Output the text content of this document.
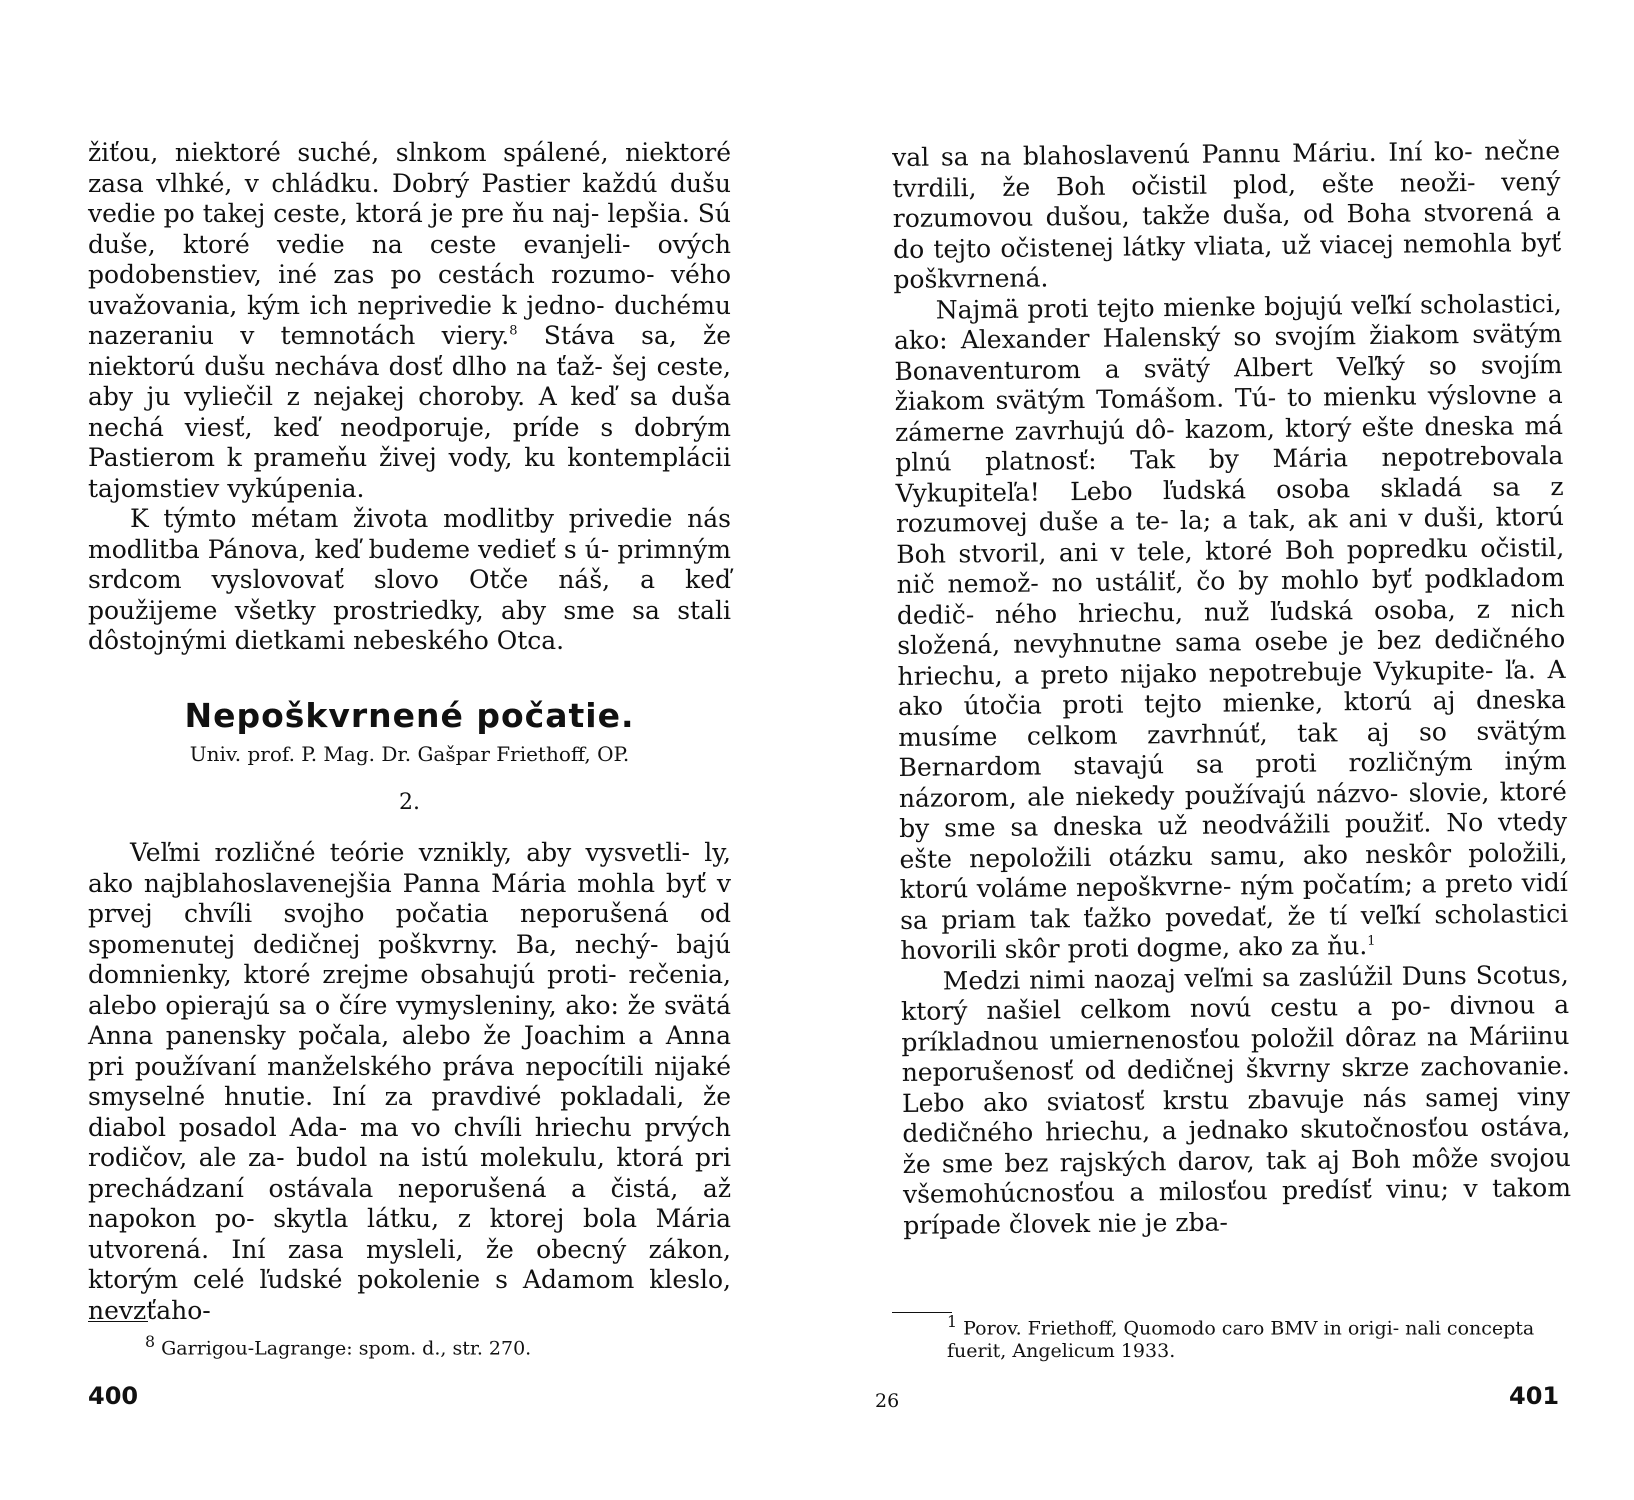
žiťou, niektoré suché, slnkom spálené, niektoré zasa vlhké, v chládku. Dobrý Pastier každú dušu vedie po takej ceste, ktorá je pre ňu naj- lepšia. Sú duše, ktoré vedie na ceste evanjeli- ových podobenstiev, iné zas po cestách rozumo- vého uvažovania, kým ich neprivedie k jedno- duchému nazeraniu v temnotách viery.$^8$ Stáva sa, že niektorú dušu necháva dosť dlho na ťaž- šej ceste, aby ju vyliečil z nejakej choroby. A keď sa duša nechá viesť, keď neodporuje, príde s dobrým Pastierom k prameňu živej vody, ku kontemplácii tajomstiev vykúpenia.

K týmto métam života modlitby privedie nás modlitba Pánova, keď budeme vedieť s ú- primným srdcom vyslovovať slovo Otče náš, a keď použijeme všetky prostriedky, aby sme sa stali dôstojnými dietkami nebeského Otca.

Nepoškvrnené počatie.
Univ. prof. P. Mag. Dr. Gašpar Friethoff, OP.
2.

Veľmi rozličné teórie vznikly, aby vysvetli- ly, ako najblahoslavenejšia Panna Mária mohla byť v prvej chvíli svojho počatia neporušená od spomenutej dedičnej poškvrny. Ba, nechý- bajú domnienky, ktoré zrejme obsahujú proti- rečenia, alebo opierajú sa o číre vymysleniny, ako: že svätá Anna panensky počala, alebo že Joachim a Anna pri používaní manželského práva nepocítili nijaké smyselné hnutie. Iní za pravdivé pokladali, že diabol posadol Ada- ma vo chvíli hriechu prvých rodičov, ale za- budol na istú molekulu, ktorá pri prechádzaní ostávala neporušená a čistá, až napokon po- skytla látku, z ktorej bola Mária utvorená. Iní zasa mysleli, že obecný zákon, ktorým celé ľudské pokolenie s Adamom kleslo, nevzťaho-

$^8$ Garrigou-Lagrange: spom. d., str. 270.
400

val sa na blahoslavenú Pannu Máriu. Iní ko- nečne tvrdili, že Boh očistil plod, ešte neoži- vený rozumovou dušou, takže duša, od Boha stvorená a do tejto očistenej látky vliata, už viacej nemohla byť poškvrnená.

Najmä proti tejto mienke bojujú veľkí scholastici, ako: Alexander Halenský so svojím žiakom svätým Bonaventurom a svätý Albert Veľký so svojím žiakom svätým Tomášom. Tú- to mienku výslovne a zámerne zavrhujú dô- kazom, ktorý ešte dneska má plnú platnosť: Tak by Mária nepotrebovala Vykupiteľa! Lebo ľudská osoba skladá sa z rozumovej duše a te- la; a tak, ak ani v duši, ktorú Boh stvoril, ani v tele, ktoré Boh popredku očistil, nič nemož- no ustáliť, čo by mohlo byť podkladom dedič- ného hriechu, nuž ľudská osoba, z nich složená, nevyhnutne sama osebe je bez dedičného hriechu, a preto nijako nepotrebuje Vykupite- ľa. A ako útočia proti tejto mienke, ktorú aj dneska musíme celkom zavrhnúť, tak aj so svätým Bernardom stavajú sa proti rozličným iným názorom, ale niekedy používajú názvo- slovie, ktoré by sme sa dneska už neodvážili použiť. No vtedy ešte nepoložili otázku samu, ako neskôr položili, ktorú voláme nepoškvrne- ným počatím; a preto vidí sa priam tak ťažko povedať, že tí veľkí scholastici hovorili skôr proti dogme, ako za ňu.$^1$

Medzi nimi naozaj veľmi sa zaslúžil Duns Scotus, ktorý našiel celkom novú cestu a po- divnou a príkladnou umiernenosťou položil dôraz na Máriinu neporušenosť od dedičnej škvrny skrze zachovanie. Lebo ako sviatosť krstu zbavuje nás samej viny dedičného hriechu, a jednako skutočnosťou ostáva, že sme bez rajských darov, tak aj Boh môže svojou všemohúcnosťou a milosťou predísť vinu; v takom prípade človek nie je zba-

$^1$ Porov. Friethoff, Quomodo caro BMV in origi- nali concepta fuerit, Angelicum 1933.
26	401
